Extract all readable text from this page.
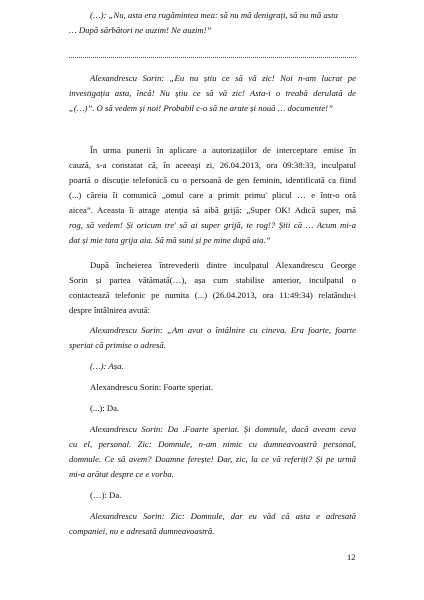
(…): „Nu, asta era rugămintea mea: să nu mă denigrați, să nu mă asta
… După sărbători ne auzim! Ne auzim!”
Alexandrescu Sorin: „Eu nu știu ce să vă zic! Noi n-am lucrat pe
investigația asta, încă! Nu știu ce să vă zic! Asta-i o treabă derulată de
„(…)”. O să vedem și noi! Probabil c-o să ne arate și nouă … documente!”
În urma punerii în aplicare a autorizațiilor de interceptare emise în
cauză, s-a constatat că, în aceeași zi, 26.04.2013, ora 09:38:33, inculpatul
poartă o discuție telefonică cu o persoană de gen feminin, identificată ca fiind
(...) căreia îi comunică „omul care a primit primu' plicul … e într-o oră
aicea”. Aceasta îi atrage atenția să aibă grijă: „Super OK! Adică super, mă
rog, să vedem! Și oricum tre' să ai super grijă, te rog!? Știi că … Acum mi-a
dat și mie tata grija aia. Să mă suni și pe mine după aia.”
După încheierea întrevederii dintre inculpatul Alexandrescu George
Sorin și partea vătămată(…), așa cum stabilise anterior, inculpatul o
contactează telefonic pe numita (...) (26.04.2013, ora 11:49:34) relatându-i
despre întâlnirea avută:
Alexandrescu Sorin: „Am avut o întâlnire cu cineva. Era foarte, foarte
speriat că primise o adresă.
(…): Așa.
Alexandrescu Sorin: Foarte speriat.
(...): Da.
Alexandrescu Sorin: Da .Foarte speriat. Și domnule, dacă aveam ceva
cu el, personal. Zic: Domnule, n-am nimic cu dumneavoastră personal,
domnule. Ce să avem? Doamne ferește! Dar, zic, la ce vă referiți? Și pe urmă
mi-a arătat despre ce e vorba.
(…): Da.
Alexandrescu Sorin: Zic: Domnule, dar eu văd că asta e adresată
companiei, nu e adresată dumneavoastră.
12
